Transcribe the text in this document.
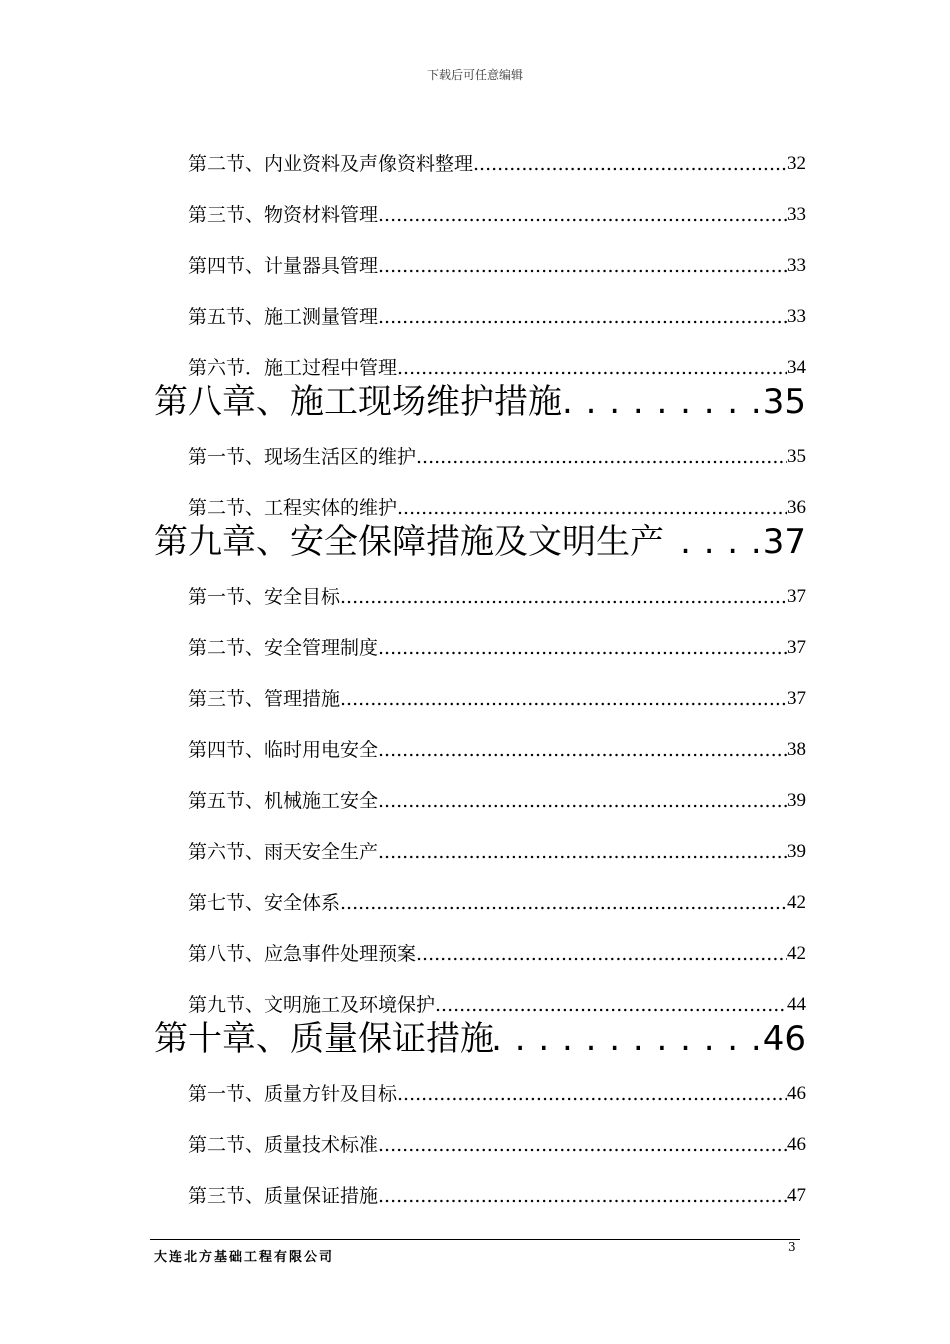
下载后可任意编辑
第二节、内业资料及声像资料整理 .....	32
第三节、物资材料管理 .....	33
第四节、计量器具管理 .....	33
第五节、施工测量管理 .....	33
第六节．施工过程中管理 .....	34
第八章、施工现场维护措施 . . .	35
第一节、现场生活区的维护 .....	35
第二节、工程实体的维护 .....	36
第九章、安全保障措施及文明生产 . . .	37
第一节、安全目标 .....	37
第二节、安全管理制度 .....	37
第三节、管理措施 .....	37
第四节、临时用电安全 .....	38
第五节、机械施工安全 .....	39
第六节、雨天安全生产 .....	39
第七节、安全体系 .....	42
第八节、应急事件处理预案 .....	42
第九节、文明施工及环境保护 .....	44
第十章、质量保证措施 . . .	46
第一节、质量方针及目标 .....	46
第二节、质量技术标准 .....	46
第三节、质量保证措施 .....	47
大连北方基础工程有限公司
3
